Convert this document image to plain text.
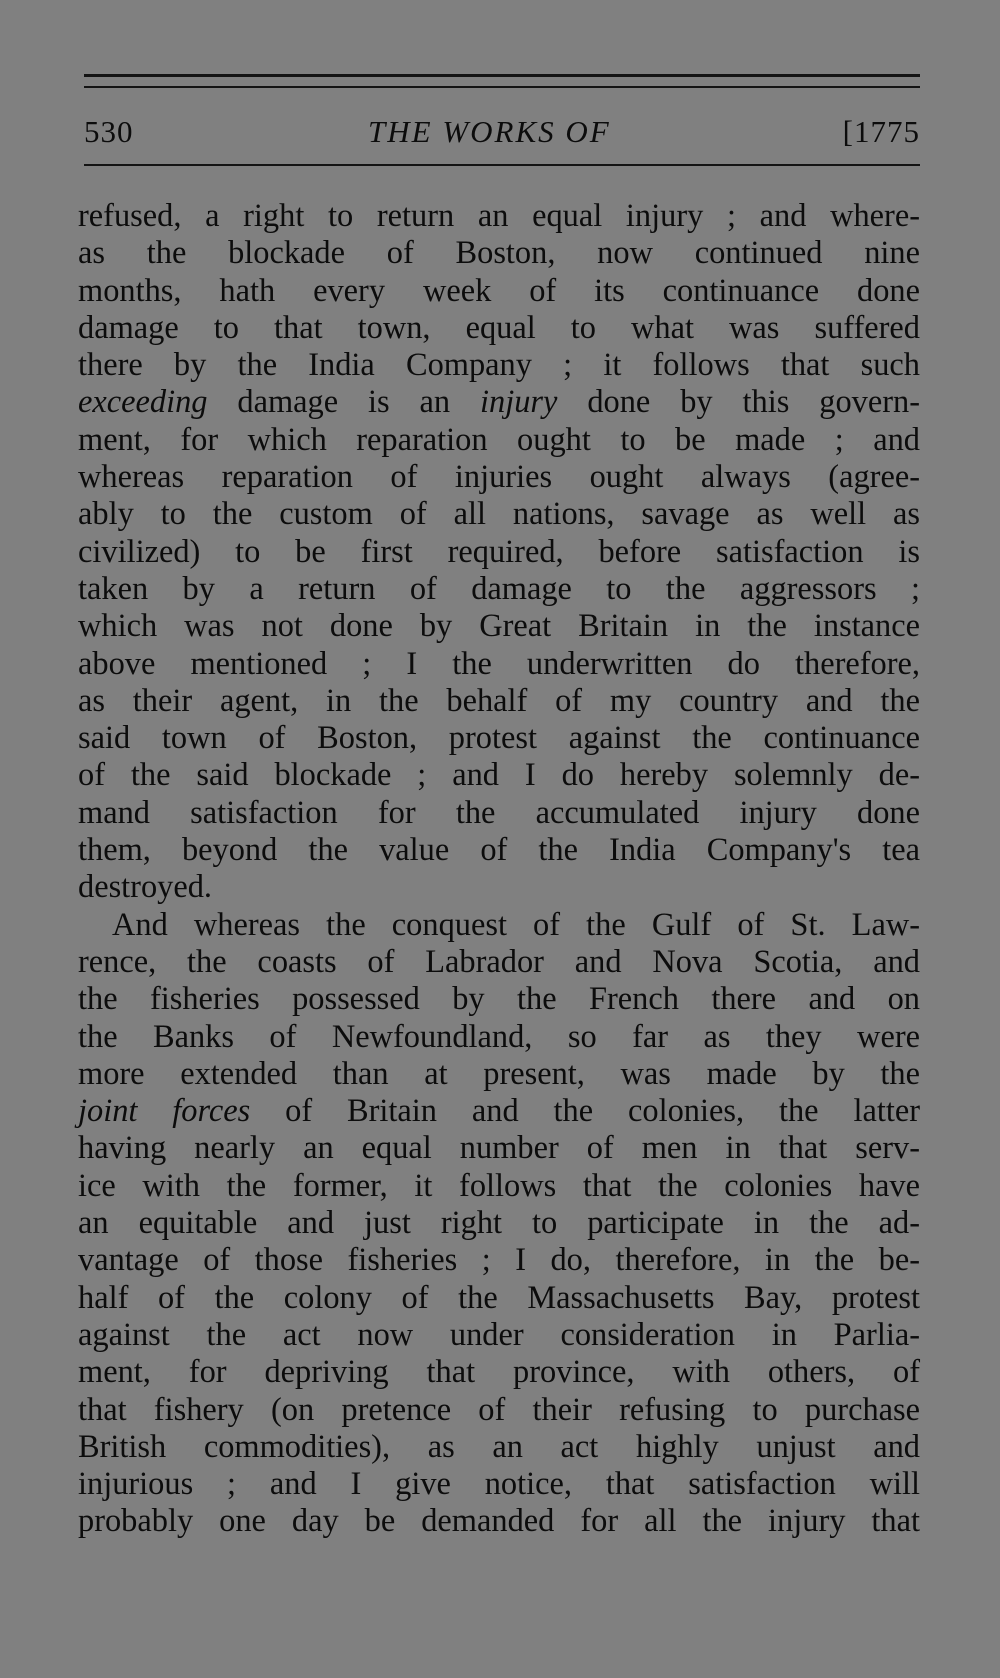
530	THE WORKS OF	[1775
refused, a right to return an equal injury ; and where-
as the blockade of Boston, now continued nine
months, hath every week of its continuance done
damage to that town, equal to what was suffered
there by the India Company ; it follows that such
exceeding damage is an injury done by this govern-
ment, for which reparation ought to be made ; and
whereas reparation of injuries ought always (agree-
ably to the custom of all nations, savage as well as
civilized) to be first required, before satisfaction is
taken by a return of damage to the aggressors ;
which was not done by Great Britain in the instance
above mentioned ; I the underwritten do therefore,
as their agent, in the behalf of my country and the
said town of Boston, protest against the continuance
of the said blockade ; and I do hereby solemnly de-
mand satisfaction for the accumulated injury done
them, beyond the value of the India Company's tea
destroyed.
And whereas the conquest of the Gulf of St. Law-
rence, the coasts of Labrador and Nova Scotia, and
the fisheries possessed by the French there and on
the Banks of Newfoundland, so far as they were
more extended than at present, was made by the
joint forces of Britain and the colonies, the latter
having nearly an equal number of men in that serv-
ice with the former, it follows that the colonies have
an equitable and just right to participate in the ad-
vantage of those fisheries ; I do, therefore, in the be-
half of the colony of the Massachusetts Bay, protest
against the act now under consideration in Parlia-
ment, for depriving that province, with others, of
that fishery (on pretence of their refusing to purchase
British commodities), as an act highly unjust and
injurious ; and I give notice, that satisfaction will
probably one day be demanded for all the injury that
